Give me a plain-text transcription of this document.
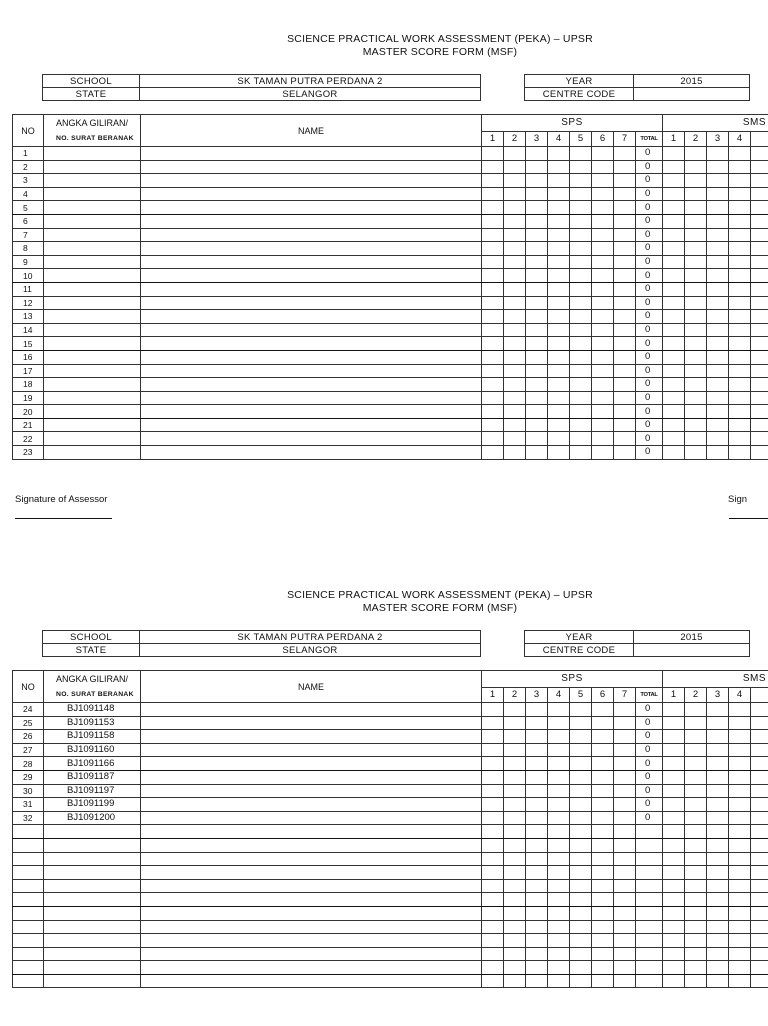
SCIENCE PRACTICAL WORK ASSESSMENT (PEKA) – UPSR
MASTER SCORE FORM (MSF)
SCHOOL	SK TAMAN PUTRA PERDANA 2		YEAR	2015
STATE	SELANGOR		CENTRE CODE	
NO	ANGKA GILIRAN/	NAME	SPS								SMS				
	NO. SURAT BERANAK		1	2	3	4	5	6	7	TOTAL	1	2	3	4	
1										0					
2										0					
3										0					
4										0					
5										0					
6										0					
7										0					
8										0					
9										0					
10										0					
11										0					
12										0					
13										0					
14										0					
15										0					
16										0					
17										0					
18										0					
19										0					
20										0					
21										0					
22										0					
23										0					
Signature of Assessor	Sign
SCIENCE PRACTICAL WORK ASSESSMENT (PEKA) – UPSR
MASTER SCORE FORM (MSF)
SCHOOL	SK TAMAN PUTRA PERDANA 2		YEAR	2015
STATE	SELANGOR		CENTRE CODE	
NO	ANGKA GILIRAN/	NAME	SPS								SMS				
	NO. SURAT BERANAK		1	2	3	4	5	6	7	TOTAL	1	2	3	4	
24	BJ1091148									0					
25	BJ1091153									0					
26	BJ1091158									0					
27	BJ1091160									0					
28	BJ1091166									0					
29	BJ1091187									0					
30	BJ1091197									0					
31	BJ1091199									0					
32	BJ1091200									0					
